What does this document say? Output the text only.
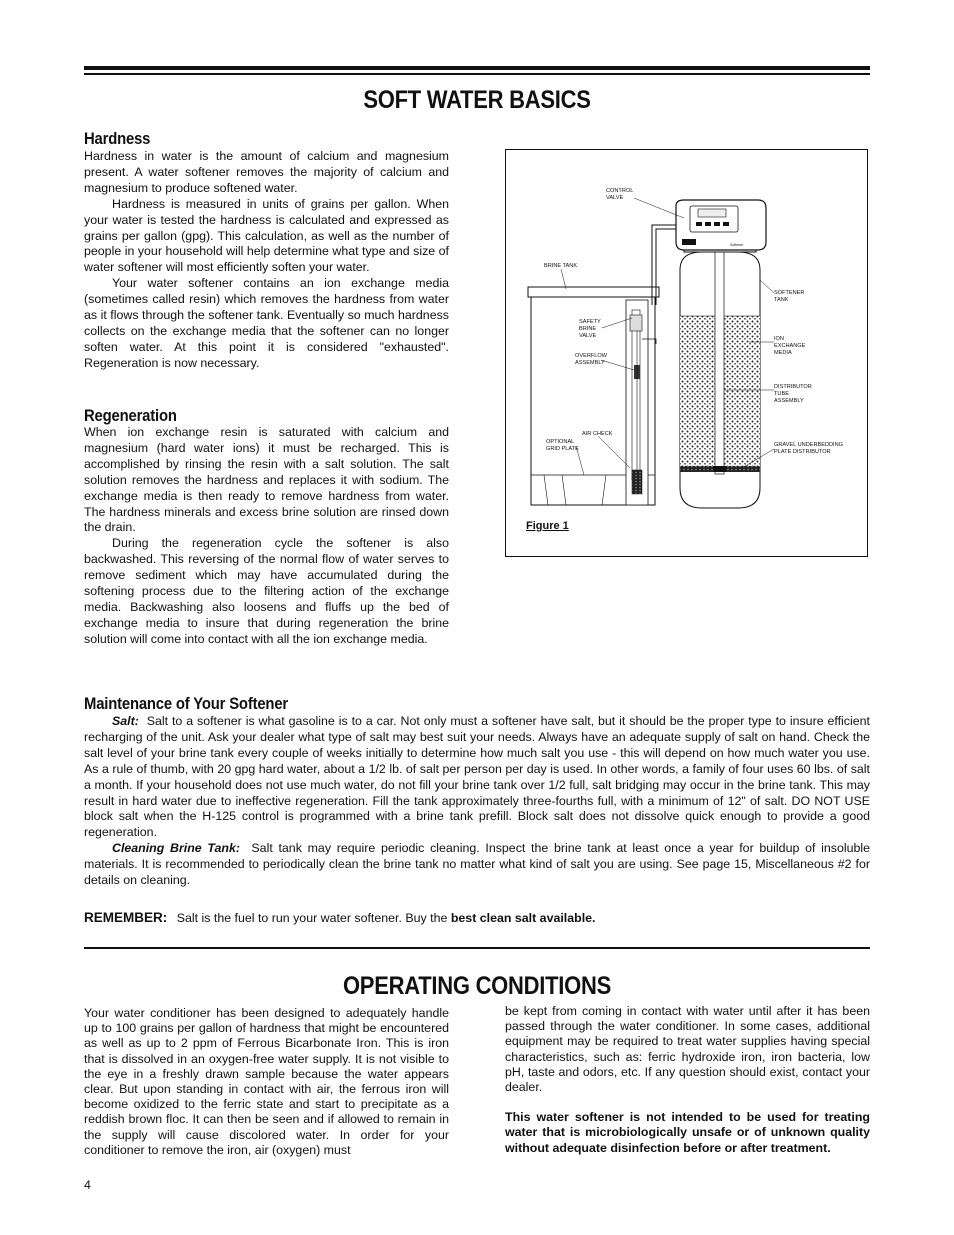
SOFT WATER BASICS
Hardness

Hardness in water is the amount of calcium and magnesium present. A water softener removes the majority of calcium and magnesium to produce softened water.

Hardness is measured in units of grains per gallon. When your water is tested the hardness is calculated and expressed as grains per gallon (gpg). This calculation, as well as the number of people in your household will help determine what type and size of water softener will most efficiently soften your water.

Your water softener contains an ion exchange media (sometimes called resin) which removes the hardness from water as it flows through the softener tank. Eventually so much hardness collects on the exchange media that the softener can no longer soften water. At this point it is considered "exhausted". Regeneration is now necessary.

Regeneration

When ion exchange resin is saturated with calcium and magnesium (hard water ions) it must be recharged. This is accomplished by rinsing the resin with a salt solution. The salt solution removes the hardness and replaces it with sodium. The exchange media is then ready to remove hardness from water. The hardness minerals and excess brine solution are rinsed down the drain.

During the regeneration cycle the softener is also backwashed. This reversing of the normal flow of water serves to remove sediment which may have accumulated during the softening process due to the filtering action of the exchange media. Backwashing also loosens and fluffs up the bed of exchange media to insure that during regeneration the brine solution will come into contact with all the ion exchange media.

Softener
CONTROL
VALVE
BRINE TANK
SAFETY
BRINE
VALVE
OVERFLOW
ASSEMBLY
AIR CHECK
OPTIONAL
GRID PLATE
SOFTENER
TANK
ION
EXCHANGE
MEDIA
DISTRIBUTOR
TUBE
ASSEMBLY
GRAVEL UNDERBEDDING
PLATE DISTRIBUTOR
Figure 1
Maintenance of Your Softener

Salt: Salt to a softener is what gasoline is to a car. Not only must a softener have salt, but it should be the proper type to insure efficient recharging of the unit. Ask your dealer what type of salt may best suit your needs. Always have an adequate supply of salt on hand. Check the salt level of your brine tank every couple of weeks initially to determine how much salt you use - this will depend on how much water you use. As a rule of thumb, with 20 gpg hard water, about a 1/2 lb. of salt per person per day is used. In other words, a family of four uses 60 lbs. of salt a month. If your household does not use much water, do not fill your brine tank over 1/2 full, salt bridging may occur in the brine tank. This may result in hard water due to ineffective regeneration. Fill the tank approximately three-fourths full, with a minimum of 12" of salt. DO NOT USE block salt when the H-125 control is programmed with a brine tank prefill. Block salt does not dissolve quick enough to provide a good regeneration.

Cleaning Brine Tank: Salt tank may require periodic cleaning. Inspect the brine tank at least once a year for buildup of insoluble materials. It is recommended to periodically clean the brine tank no matter what kind of salt you are using. See page 15, Miscellaneous #2 for details on cleaning.

REMEMBER: Salt is the fuel to run your water softener. Buy the best clean salt available.
OPERATING CONDITIONS

Your water conditioner has been designed to adequately handle up to 100 grains per gallon of hardness that might be encountered as well as up to 2 ppm of Ferrous Bicarbonate Iron. This is iron that is dissolved in an oxygen-free water supply. It is not visible to the eye in a freshly drawn sample because the water appears clear. But upon standing in contact with air, the ferrous iron will become oxidized to the ferric state and start to precipitate as a reddish brown floc. It can then be seen and if allowed to remain in the supply will cause discolored water. In order for your conditioner to remove the iron, air (oxygen) must

be kept from coming in contact with water until after it has been passed through the water conditioner. In some cases, additional equipment may be required to treat water supplies having special characteristics, such as: ferric hydroxide iron, iron bacteria, low pH, taste and odors, etc. If any question should exist, contact your dealer.

This water softener is not intended to be used for treating water that is microbiologically unsafe or of unknown quality without adequate disinfection before or after treatment.

4
